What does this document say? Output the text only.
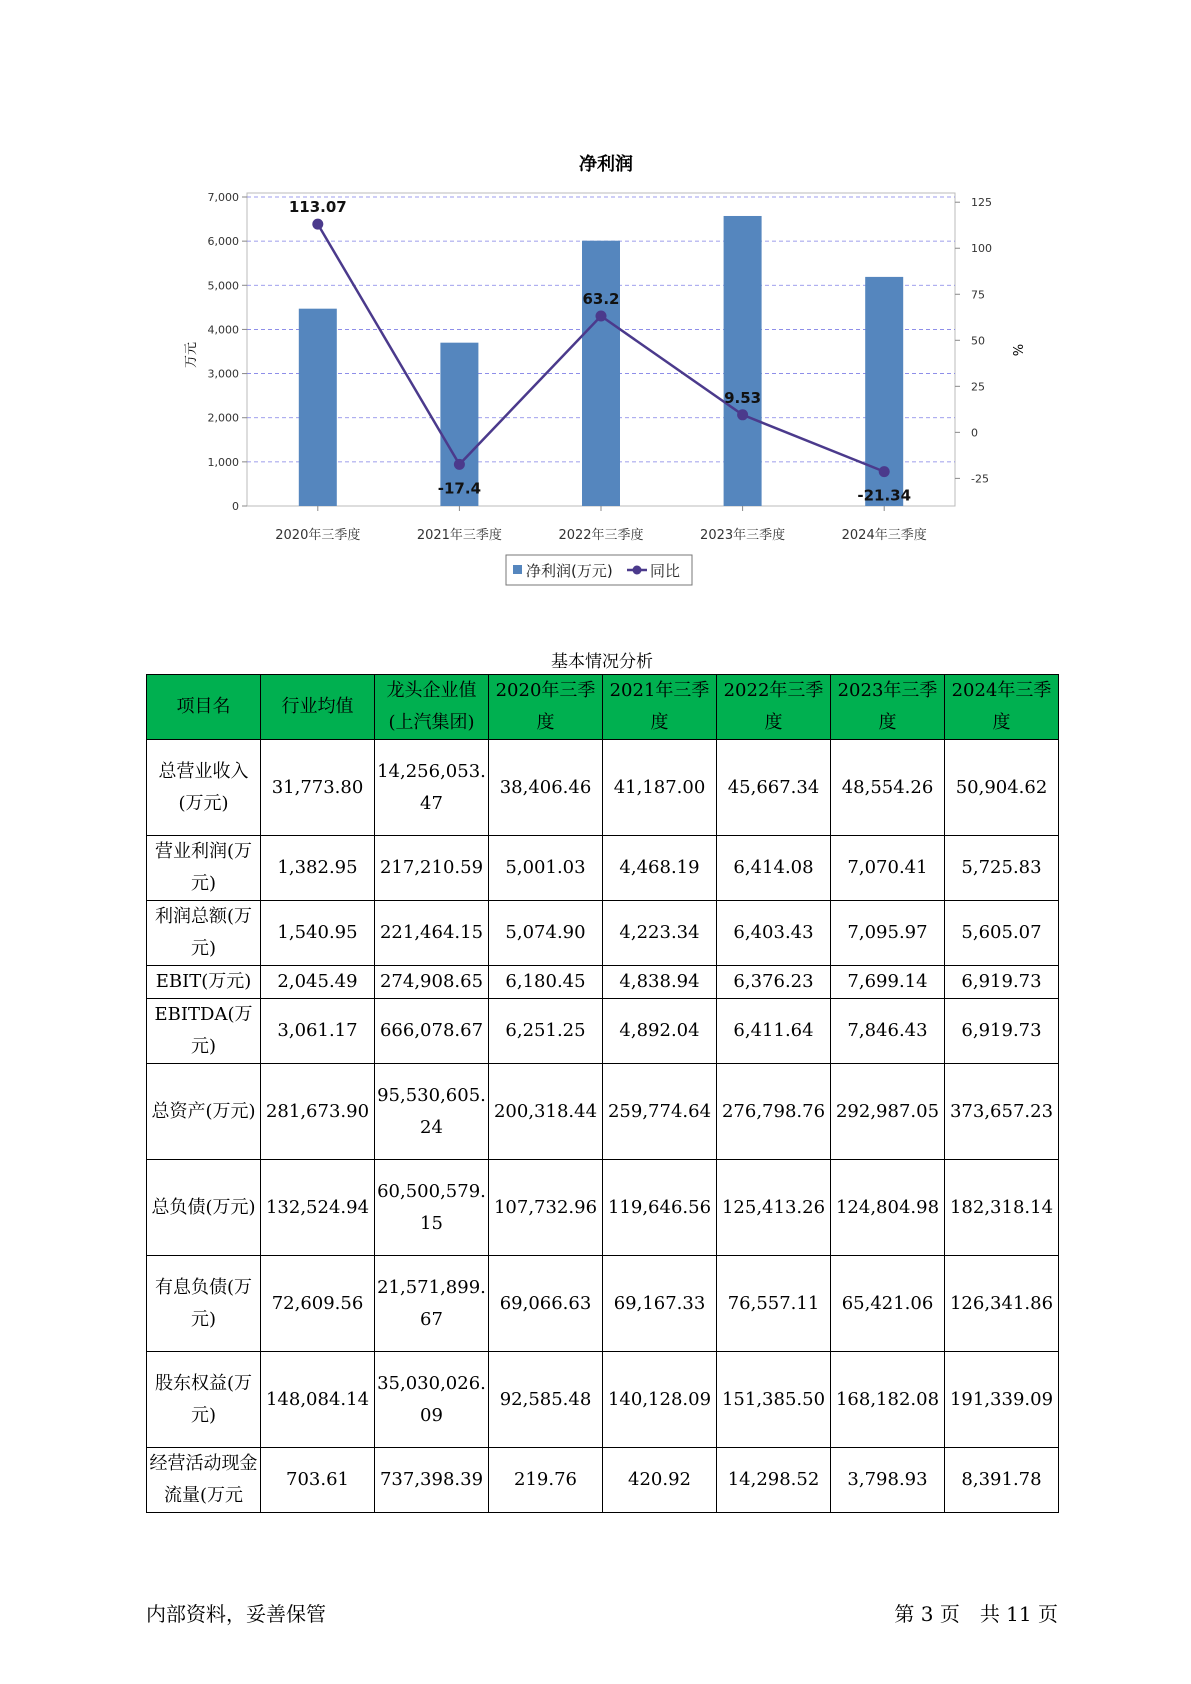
净利润
0
1,000
2,000
3,000
4,000
5,000
6,000
7,000
-25
0
25
50
75
100
125
2020年三季度	2021年三季度	2022年三季度	2023年三季度	2024年三季度
113.07
-17.4
63.2
9.53
-21.34
万元	%
净利润(万元) 同比
基本情况分析
项目名	行业均值	龙头企业值(上汽集团)	2020年三季度	2021年三季度	2022年三季度	2023年三季度	2024年三季度
总营业收入(万元)	31,773.80	14,256,053.47	38,406.46	41,187.00	45,667.34	48,554.26	50,904.62
营业利润(万元)	1,382.95	217,210.59	5,001.03	4,468.19	6,414.08	7,070.41	5,725.83
利润总额(万元)	1,540.95	221,464.15	5,074.90	4,223.34	6,403.43	7,095.97	5,605.07
EBIT(万元)	2,045.49	274,908.65	6,180.45	4,838.94	6,376.23	7,699.14	6,919.73
EBITDA(万元)	3,061.17	666,078.67	6,251.25	4,892.04	6,411.64	7,846.43	6,919.73
总资产(万元)	281,673.90	95,530,605.24	200,318.44	259,774.64	276,798.76	292,987.05	373,657.23
总负债(万元)	132,524.94	60,500,579.15	107,732.96	119,646.56	125,413.26	124,804.98	182,318.14
有息负债(万元)	72,609.56	21,571,899.67	69,066.63	69,167.33	76,557.11	65,421.06	126,341.86
股东权益(万元)	148,084.14	35,030,026.09	92,585.48	140,128.09	151,385.50	168,182.08	191,339.09
经营活动现金流量(万元	703.61	737,398.39	219.76	420.92	14,298.52	3,798.93	8,391.78
内部资料，妥善保管	第 3 页　共 11 页
